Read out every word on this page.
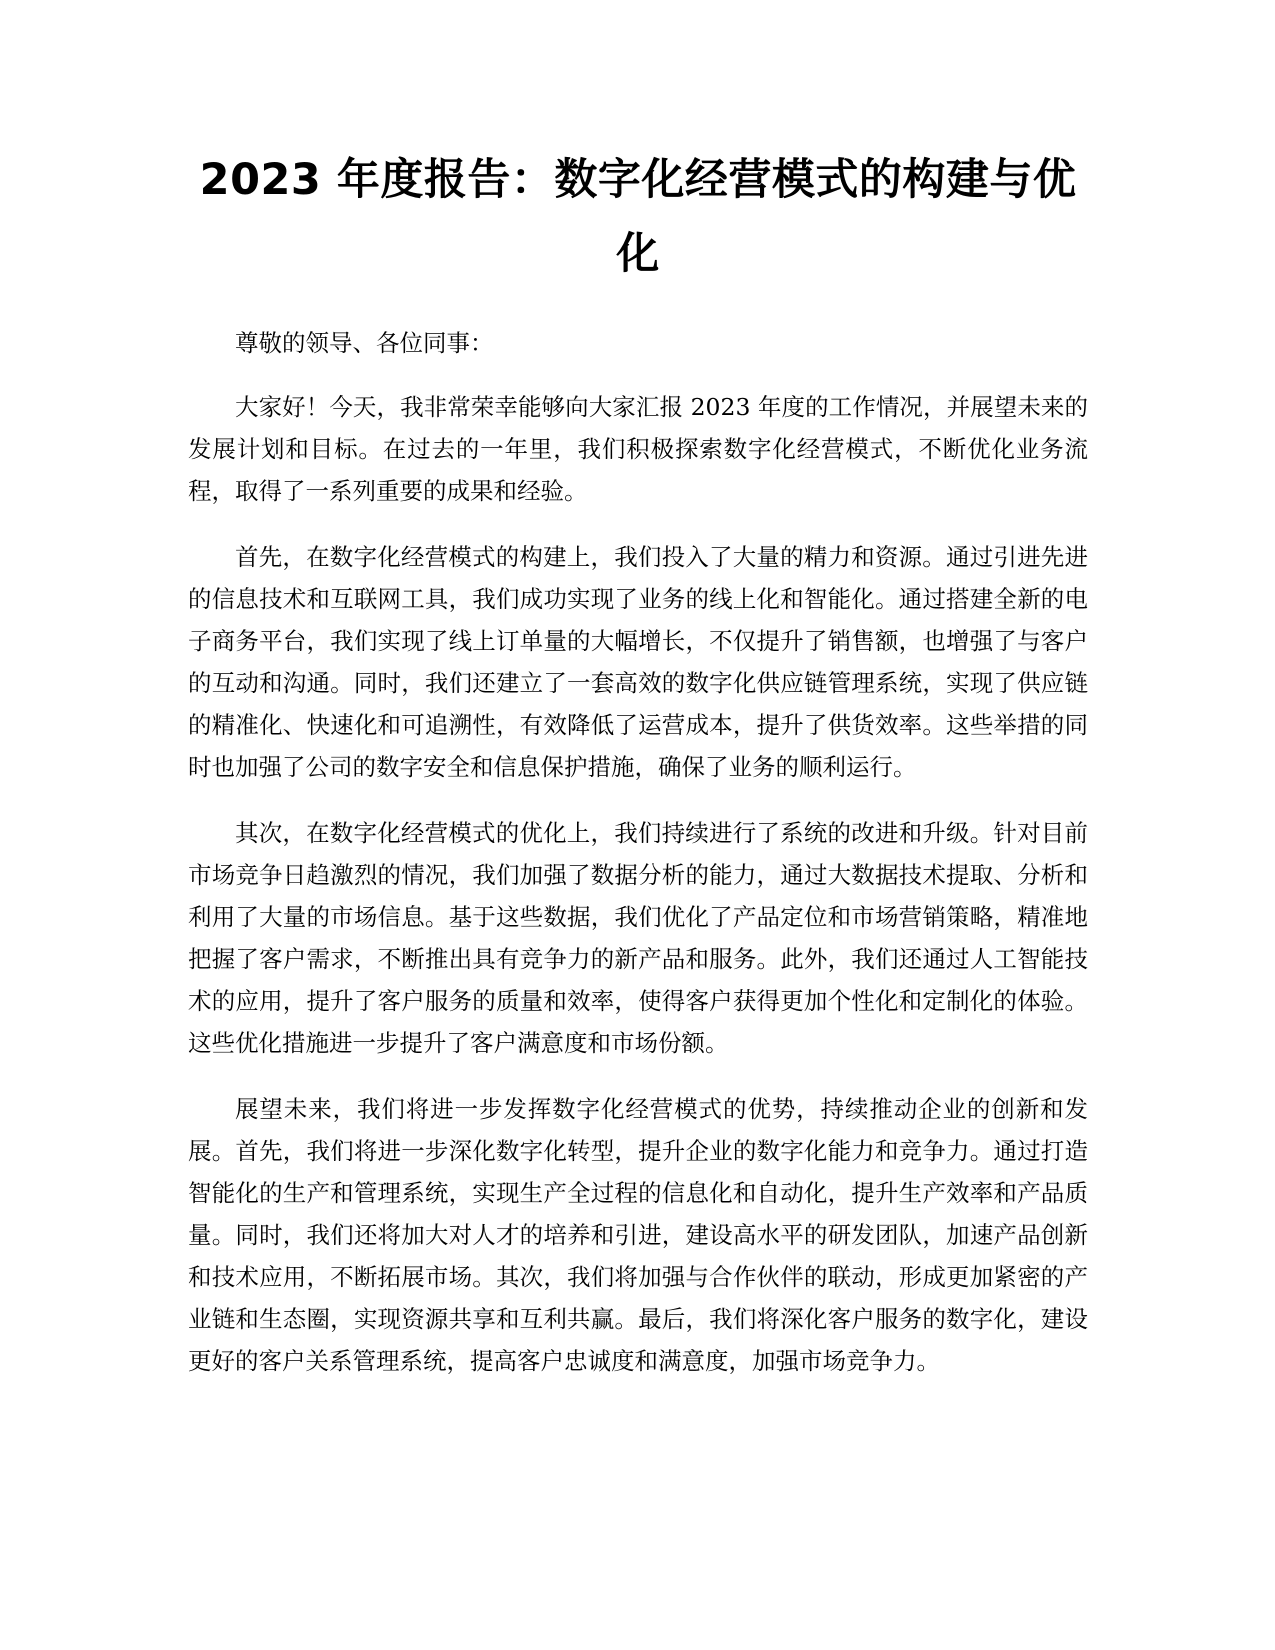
2023 年度报告：数字化经营模式的构建与优化

尊敬的领导、各位同事：

大家好！今天，我非常荣幸能够向大家汇报 2023 年度的工作情况，并展望未来的发展计划和目标。在过去的一年里，我们积极探索数字化经营模式，不断优化业务流程，取得了一系列重要的成果和经验。

首先，在数字化经营模式的构建上，我们投入了大量的精力和资源。通过引进先进的信息技术和互联网工具，我们成功实现了业务的线上化和智能化。通过搭建全新的电子商务平台，我们实现了线上订单量的大幅增长，不仅提升了销售额，也增强了与客户的互动和沟通。同时，我们还建立了一套高效的数字化供应链管理系统，实现了供应链的精准化、快速化和可追溯性，有效降低了运营成本，提升了供货效率。这些举措的同时也加强了公司的数字安全和信息保护措施，确保了业务的顺利运行。

其次，在数字化经营模式的优化上，我们持续进行了系统的改进和升级。针对目前市场竞争日趋激烈的情况，我们加强了数据分析的能力，通过大数据技术提取、分析和利用了大量的市场信息。基于这些数据，我们优化了产品定位和市场营销策略，精准地把握了客户需求，不断推出具有竞争力的新产品和服务。此外，我们还通过人工智能技术的应用，提升了客户服务的质量和效率，使得客户获得更加个性化和定制化的体验。这些优化措施进一步提升了客户满意度和市场份额。

展望未来，我们将进一步发挥数字化经营模式的优势，持续推动企业的创新和发展。首先，我们将进一步深化数字化转型，提升企业的数字化能力和竞争力。通过打造智能化的生产和管理系统，实现生产全过程的信息化和自动化，提升生产效率和产品质量。同时，我们还将加大对人才的培养和引进，建设高水平的研发团队，加速产品创新和技术应用，不断拓展市场。其次，我们将加强与合作伙伴的联动，形成更加紧密的产业链和生态圈，实现资源共享和互利共赢。最后，我们将深化客户服务的数字化，建设更好的客户关系管理系统，提高客户忠诚度和满意度，加强市场竞争力。
